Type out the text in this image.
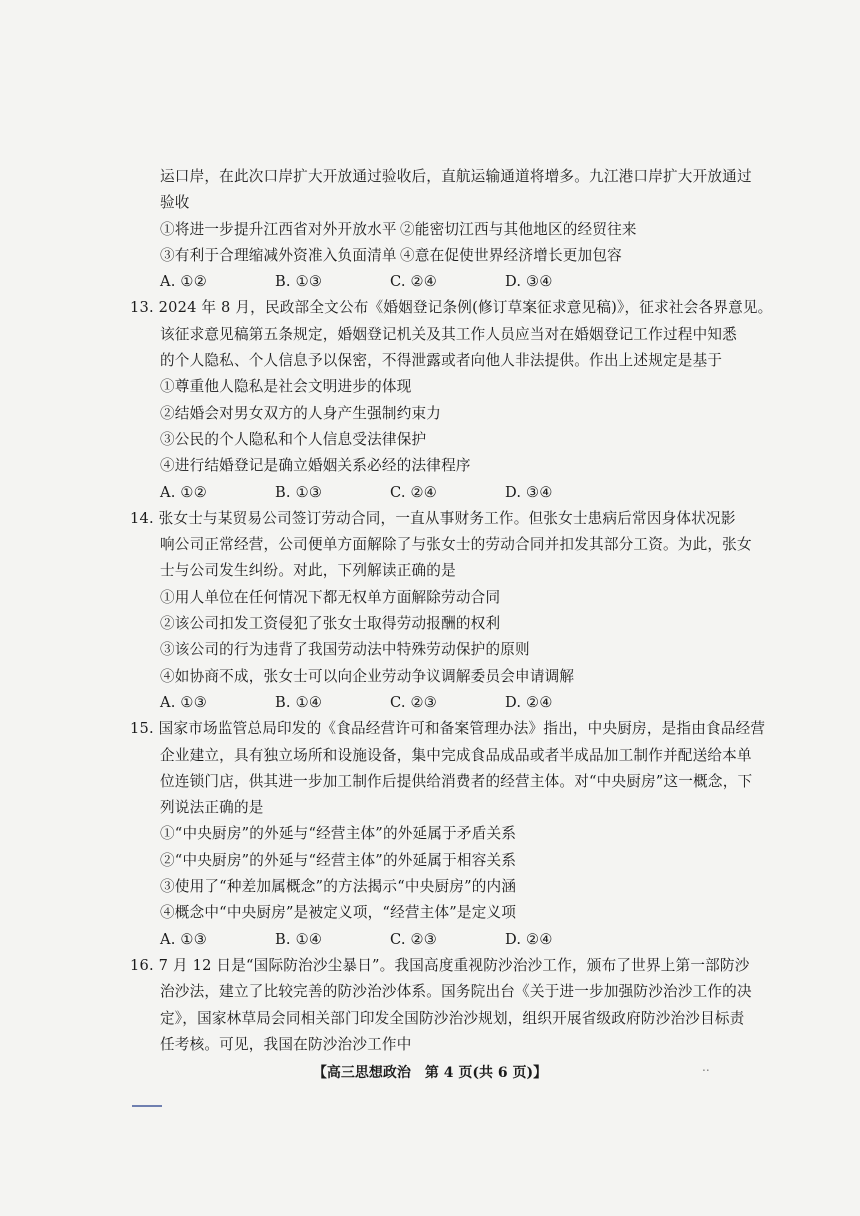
运口岸，在此次口岸扩大开放通过验收后，直航运输通道将增多。九江港口岸扩大开放通过
验收
①将进一步提升江西省对外开放水平 ②能密切江西与其他地区的经贸往来
③有利于合理缩减外资准入负面清单 ④意在促使世界经济增长更加包容
A. ①②	B. ①③	C. ②④	D. ③④
13. 2024 年 8 月，民政部全文公布《婚姻登记条例(修订草案征求意见稿)》，征求社会各界意见。
该征求意见稿第五条规定，婚姻登记机关及其工作人员应当对在婚姻登记工作过程中知悉
的个人隐私、个人信息予以保密，不得泄露或者向他人非法提供。作出上述规定是基于
①尊重他人隐私是社会文明进步的体现
②结婚会对男女双方的人身产生强制约束力
③公民的个人隐私和个人信息受法律保护
④进行结婚登记是确立婚姻关系必经的法律程序
A. ①②	B. ①③	C. ②④	D. ③④
14. 张女士与某贸易公司签订劳动合同，一直从事财务工作。但张女士患病后常因身体状况影
响公司正常经营，公司便单方面解除了与张女士的劳动合同并扣发其部分工资。为此，张女
士与公司发生纠纷。对此，下列解读正确的是
①用人单位在任何情况下都无权单方面解除劳动合同
②该公司扣发工资侵犯了张女士取得劳动报酬的权利
③该公司的行为违背了我国劳动法中特殊劳动保护的原则
④如协商不成，张女士可以向企业劳动争议调解委员会申请调解
A. ①③	B. ①④	C. ②③	D. ②④
15. 国家市场监管总局印发的《食品经营许可和备案管理办法》指出，中央厨房，是指由食品经营
企业建立，具有独立场所和设施设备，集中完成食品成品或者半成品加工制作并配送给本单
位连锁门店，供其进一步加工制作后提供给消费者的经营主体。对“中央厨房”这一概念，下
列说法正确的是
①“中央厨房”的外延与“经营主体”的外延属于矛盾关系
②“中央厨房”的外延与“经营主体”的外延属于相容关系
③使用了“种差加属概念”的方法揭示“中央厨房”的内涵
④概念中“中央厨房”是被定义项，“经营主体”是定义项
A. ①③	B. ①④	C. ②③	D. ②④
16. 7 月 12 日是“国际防治沙尘暴日”。我国高度重视防沙治沙工作，颁布了世界上第一部防沙
治沙法，建立了比较完善的防沙治沙体系。国务院出台《关于进一步加强防沙治沙工作的决
定》，国家林草局会同相关部门印发全国防沙治沙规划，组织开展省级政府防沙治沙目标责
任考核。可见，我国在防沙治沙工作中
【高三思想政治　第 4 页(共 6 页)】	..
